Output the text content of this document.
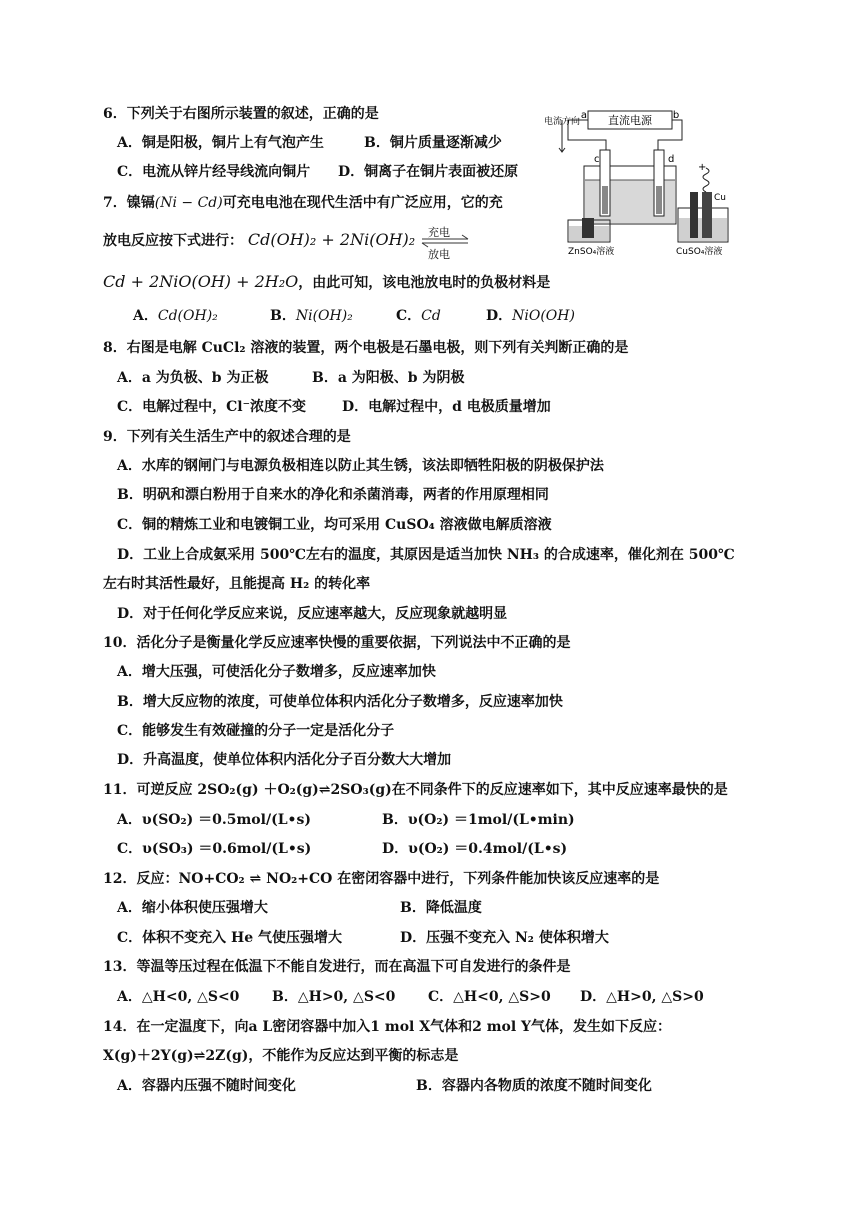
6．下列关于右图所示装置的叙述，正确的是
A．铜是阳极，铜片上有气泡产生	B．铜片质量逐渐减少
C．电流从锌片经导线流向铜片 D．铜离子在铜片表面被还原
7．镍镉(Ni − Cd)可充电电池在现代生活中有广泛应用，它的充
放电反应按下式进行： Cd(OH)₂ + 2Ni(OH)₂ 充电
放电
Cd + 2NiO(OH) + 2H₂O，由此可知，该电池放电时的负极材料是
A．Cd(OH)₂	B．Ni(OH)₂	C．Cd	D．NiO(OH)
8．右图是电解 CuCl₂ 溶液的装置，两个电极是石墨电极，则下列有关判断正确的是
A．a 为负极、b 为正极	B．a 为阳极、b 为阴极
C．电解过程中，Cl⁻浓度不变	D．电解过程中，d 电极质量增加
9．下列有关生活生产中的叙述合理的是
A．水库的钢闸门与电源负极相连以防止其生锈，该法即牺牲阳极的阴极保护法
B．明矾和漂白粉用于自来水的净化和杀菌消毒，两者的作用原理相同
C．铜的精炼工业和电镀铜工业，均可采用 CuSO₄ 溶液做电解质溶液
D．工业上合成氨采用 500℃左右的温度，其原因是适当加快 NH₃ 的合成速率，催化剂在 500℃
左右时其活性最好，且能提高 H₂ 的转化率
D．对于任何化学反应来说，反应速率越大，反应现象就越明显
10．活化分子是衡量化学反应速率快慢的重要依据，下列说法中不正确的是
A．增大压强，可使活化分子数增多，反应速率加快
B．增大反应物的浓度，可使单位体积内活化分子数增多，反应速率加快
C．能够发生有效碰撞的分子一定是活化分子
D．升高温度，使单位体积内活化分子百分数大大增加
11．可逆反应 2SO₂(g) ＋O₂(g)⇌2SO₃(g)在不同条件下的反应速率如下，其中反应速率最快的是
A．υ(SO₂) ＝0.5mol/(L•s)	B．υ(O₂) ＝1mol/(L•min)
C．υ(SO₃) ＝0.6mol/(L•s)	D．υ(O₂) ＝0.4mol/(L•s)
12．反应：NO+CO₂ ⇌ NO₂+CO 在密闭容器中进行，下列条件能加快该反应速率的是
A．缩小体积使压强增大	B．降低温度
C．体积不变充入 He 气使压强增大	D．压强不变充入 N₂ 使体积增大
13．等温等压过程在低温下不能自发进行，而在高温下可自发进行的条件是
A．△H<0, △S<0 B．△H>0, △S<0 C．△H<0, △S>0 D．△H>0, △S>0
14．在一定温度下，向a L密闭容器中加入1 mol X气体和2 mol Y气体，发生如下反应：
X(g)＋2Y(g)⇌2Z(g)，不能作为反应达到平衡的标志是
A．容器内压强不随时间变化	B．容器内各物质的浓度不随时间变化
直流电源
a	b
电流方向
c	d
ZnSO₄溶液
+
Cu
CuSO₄溶液
